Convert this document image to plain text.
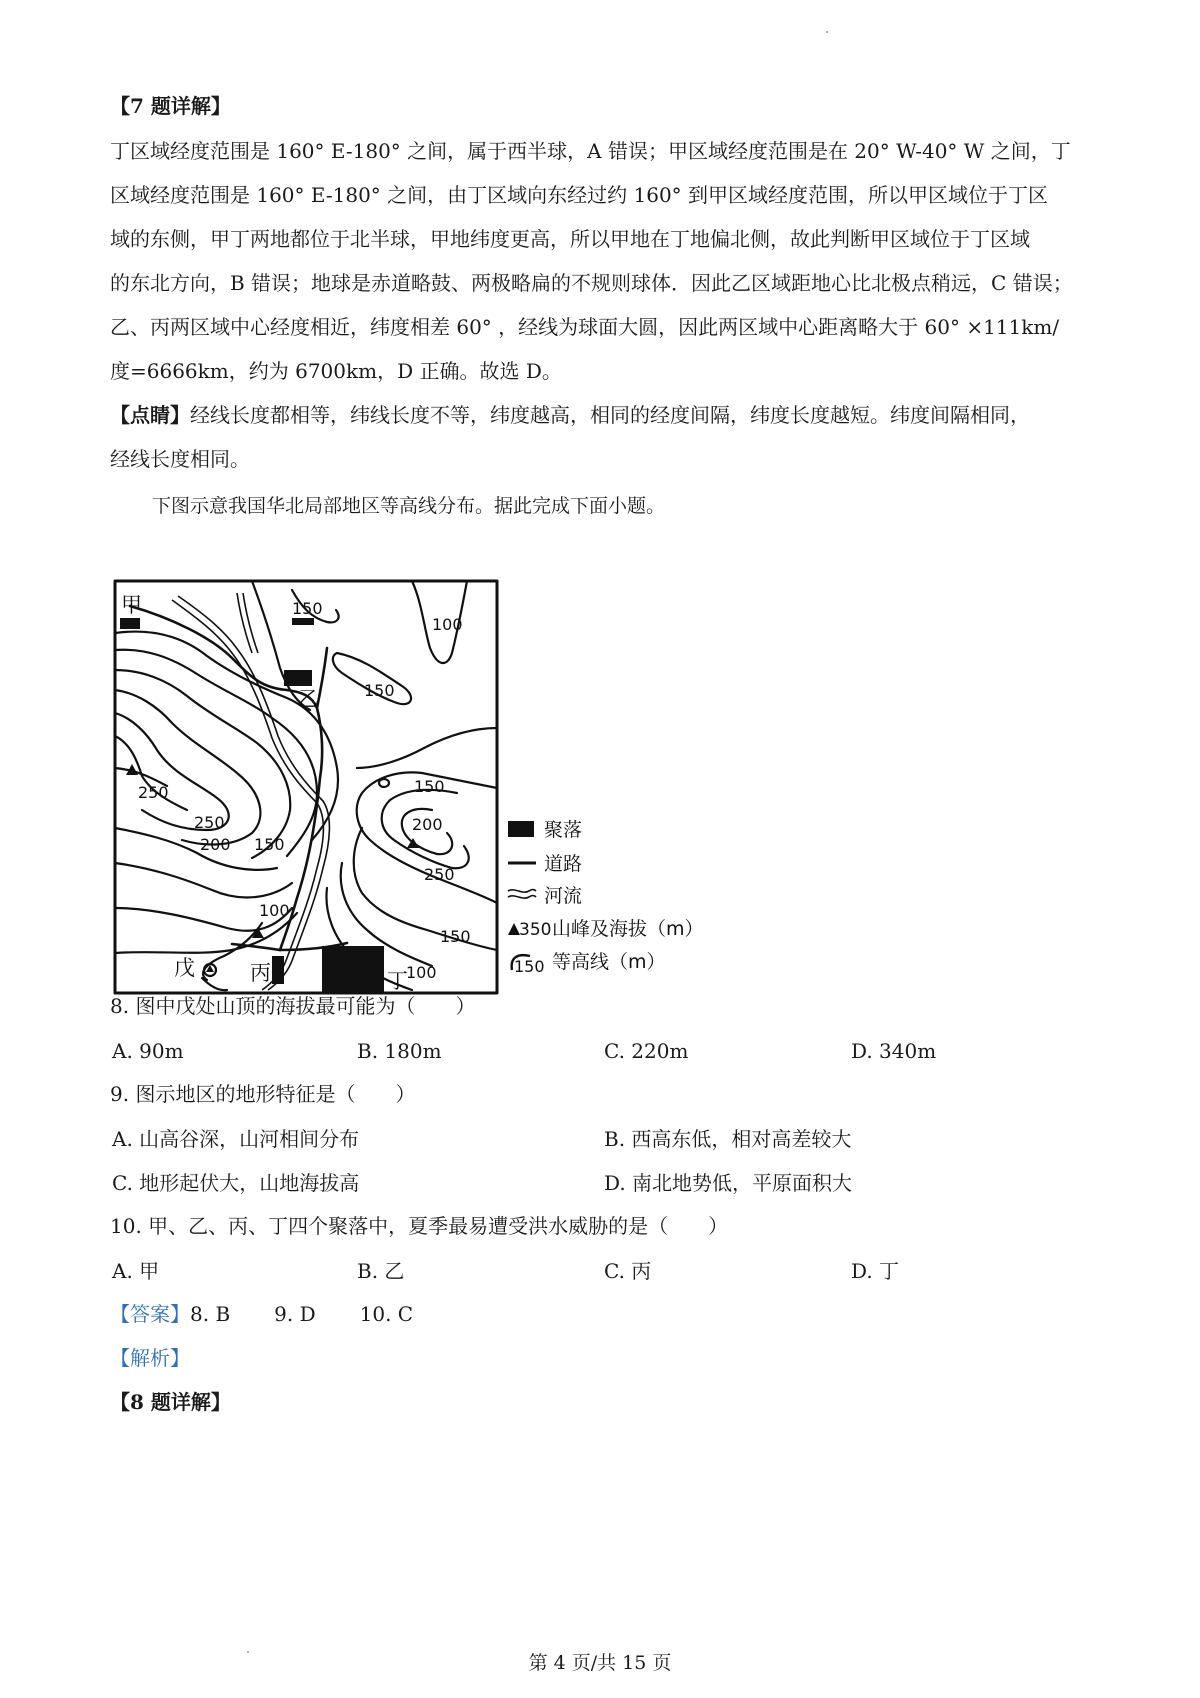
【7 题详解】
丁区域经度范围是 160° E-180° 之间，属于西半球，A 错误；甲区域经度范围是在 20° W-40° W 之间，丁
区域经度范围是 160° E-180° 之间，由丁区域向东经过约 160° 到甲区域经度范围，所以甲区域位于丁区
域的东侧，甲丁两地都位于北半球，甲地纬度更高，所以甲地在丁地偏北侧，故此判断甲区域位于丁区域
的东北方向，B 错误；地球是赤道略鼓、两极略扁的不规则球体．因此乙区域距地心比北极点稍远，C 错误；
乙、丙两区域中心经度相近，纬度相差 60° ，经线为球面大圆，因此两区域中心距离略大于 60° ×111km/
度=6666km，约为 6700km，D 正确。故选 D。
【点睛】经线长度都相等，纬线长度不等，纬度越高，相同的经度间隔，纬度长度越短。纬度间隔相同，
经线长度相同。
下图示意我国华北局部地区等高线分布。据此完成下面小题。
甲
乙
丙	丁
戊
150
100
150
250	150
250
200 150
200
250
100
150
100
聚落
道路
河流
350 山峰及海拔（m）
150 等高线（m）
8. 图中戊处山顶的海拔最可能为（　　）
A. 90m	B. 180m	C. 220m	D. 340m
9. 图示地区的地形特征是（　　）
A. 山高谷深，山河相间分布	B. 西高东低，相对高差较大
C. 地形起伏大，山地海拔高	D. 南北地势低，平原面积大
10. 甲、乙、丙、丁四个聚落中，夏季最易遭受洪水威胁的是（　　）
A. 甲	B. 乙	C. 丙	D. 丁
【答案】8. B 9. D 10. C
【解析】
【8 题详解】
第 4 页/共 15 页
